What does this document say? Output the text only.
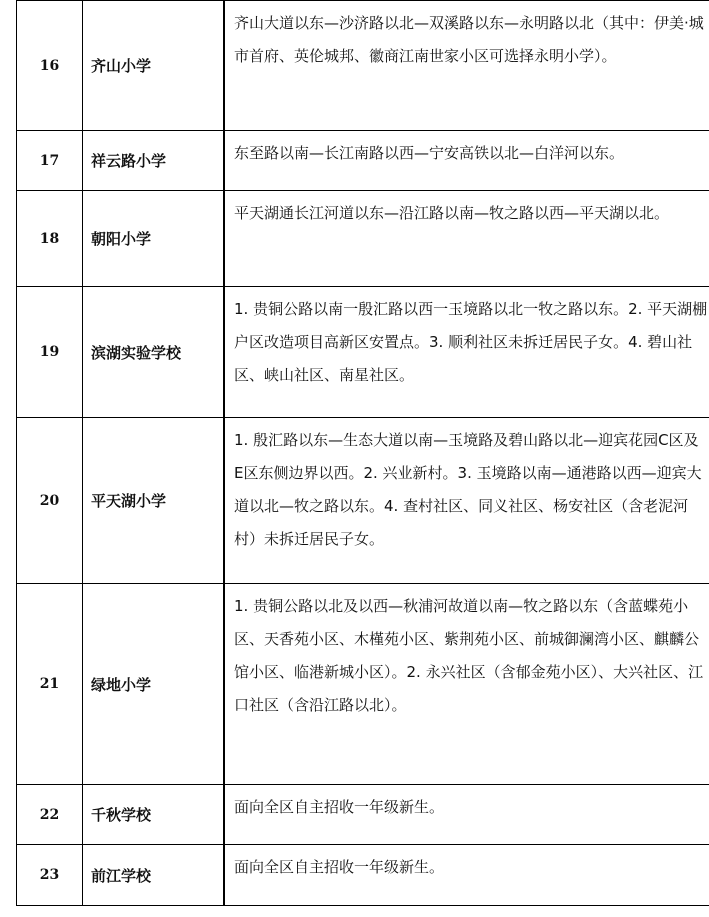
16	齐山小学	齐山大道以东—沙济路以北—双溪路以东—永明路以北（其中：伊美·城市首府、英伦城邦、徽商江南世家小区可选择永明小学）。
17	祥云路小学	东至路以南—长江南路以西—宁安高铁以北—白洋河以东。
18	朝阳小学	平天湖通长江河道以东—沿江路以南—牧之路以西—平天湖以北。
19	滨湖实验学校	1. 贵铜公路以南一殷汇路以西一玉境路以北一牧之路以东。2. 平天湖棚户区改造项目高新区安置点。3. 顺利社区未拆迁居民子女。4. 碧山社区、峡山社区、南星社区。
20	平天湖小学	1. 殷汇路以东—生态大道以南—玉境路及碧山路以北—迎宾花园C区及E区东侧边界以西。2. 兴业新村。3. 玉境路以南—通港路以西—迎宾大道以北—牧之路以东。4. 查村社区、同义社区、杨安社区（含老泥河村）未拆迁居民子女。
21	绿地小学	1. 贵铜公路以北及以西—秋浦河故道以南—牧之路以东（含蓝蝶苑小区、天香苑小区、木槿苑小区、紫荆苑小区、前城御澜湾小区、麒麟公馆小区、临港新城小区）。2. 永兴社区（含郁金苑小区）、大兴社区、江口社区（含沿江路以北）。
22	千秋学校	面向全区自主招收一年级新生。
23	前江学校	面向全区自主招收一年级新生。
